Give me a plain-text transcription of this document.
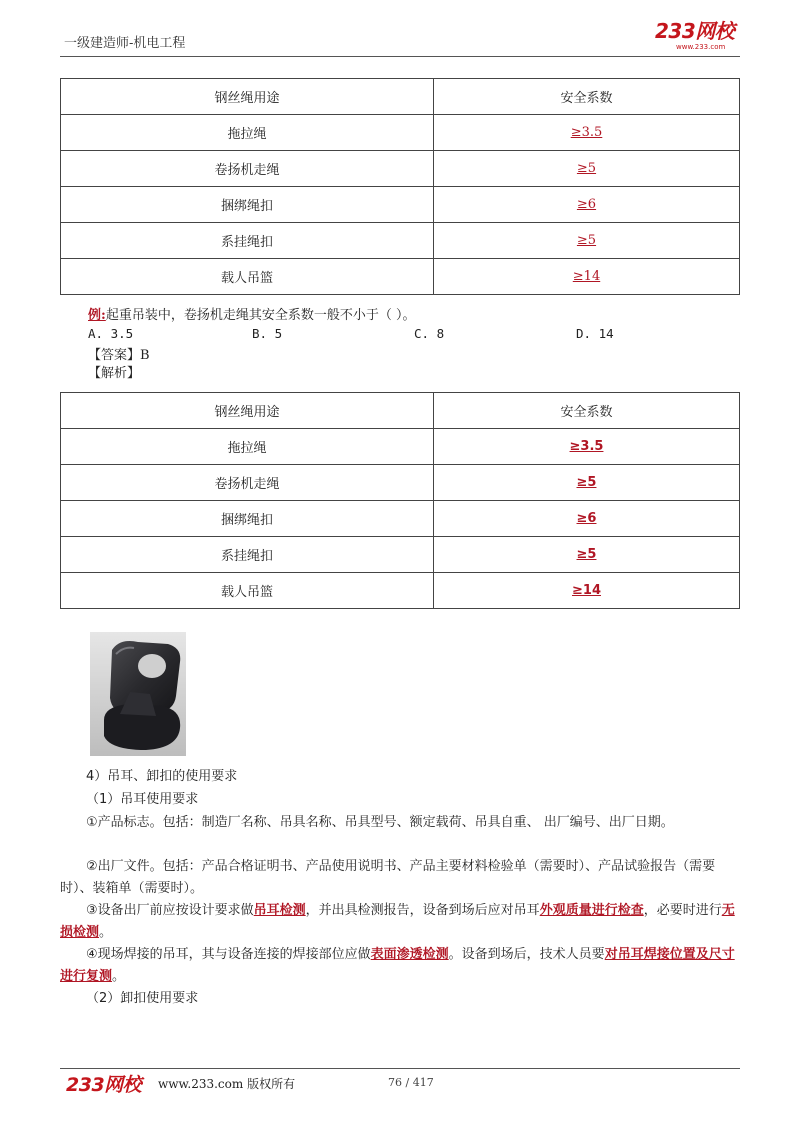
一级建造师-机电工程
233网校
www.233.com
钢丝绳用途	安全系数
拖拉绳	≥3.5
卷扬机走绳	≥5
捆绑绳扣	≥6
系挂绳扣	≥5
载人吊篮	≥14
例:起重吊装中，卷扬机走绳其安全系数一般不小于（ ）。
A. 3.5	B. 5	C. 8	D. 14
【答案】B
【解析】
钢丝绳用途	安全系数
拖拉绳	≥3.5
卷扬机走绳	≥5
捆绑绳扣	≥6
系挂绳扣	≥5
载人吊篮	≥14
4）吊耳、卸扣的使用要求
（1）吊耳使用要求
①产品标志。包括：制造厂名称、吊具名称、吊具型号、额定载荷、吊具自重、 出厂编号、出厂日期。
②出厂文件。包括：产品合格证明书、产品使用说明书、产品主要材料检验单（需要时）、产品试验报告（需要时）、装箱单（需要时）。
③设备出厂前应按设计要求做吊耳检测，并出具检测报告，设备到场后应对吊耳外观质量进行检查，必要时进行无损检测。
④现场焊接的吊耳，其与设备连接的焊接部位应做表面渗透检测。设备到场后，技术人员要对吊耳焊接位置及尺寸进行复测。
（2）卸扣使用要求
233网校 www.233.com 版权所有	76 / 417
